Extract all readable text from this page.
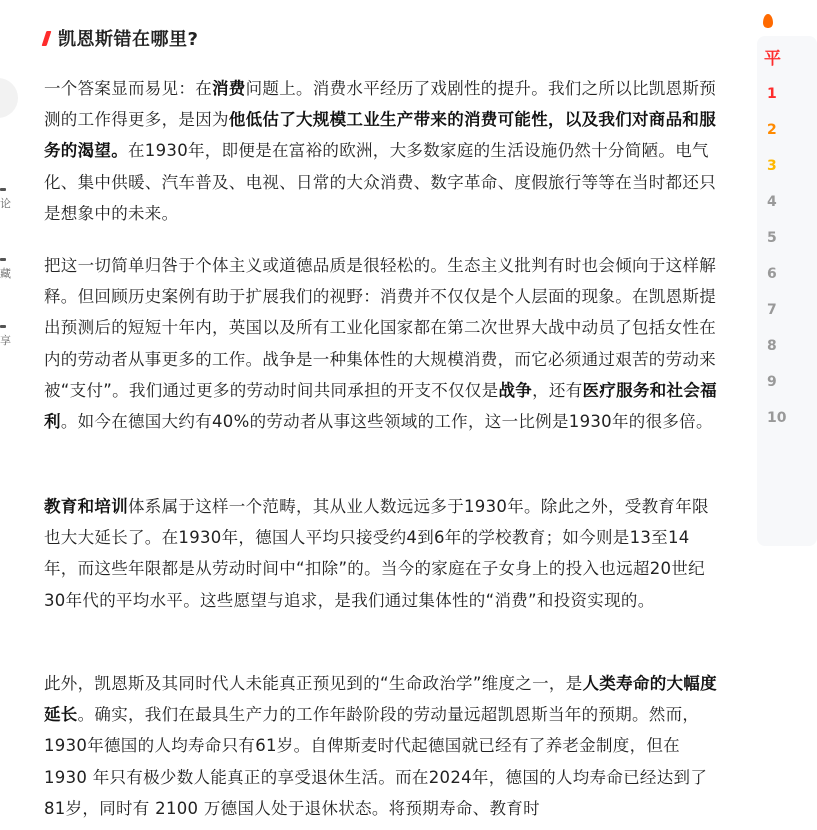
论
藏
享
凯恩斯错在哪里?

一个答案显而易见：在消费问题上。消费水平经历了戏剧性的提升。我们之所以比凯恩斯预测的工作得更多，是因为他低估了大规模工业生产带来的消费可能性，以及我们对商品和服务的渴望。在1930年，即便是在富裕的欧洲，大多数家庭的生活设施仍然十分简陋。电气化、集中供暖、汽车普及、电视、日常的大众消费、数字革命、度假旅行等等在当时都还只是想象中的未来。

把这一切简单归咎于个体主义或道德品质是很轻松的。生态主义批判有时也会倾向于这样解释。但回顾历史案例有助于扩展我们的视野：消费并不仅仅是个人层面的现象。在凯恩斯提出预测后的短短十年内，英国以及所有工业化国家都在第二次世界大战中动员了包括女性在内的劳动者从事更多的工作。战争是一种集体性的大规模消费，而它必须通过艰苦的劳动来被“支付”。我们通过更多的劳动时间共同承担的开支不仅仅是战争，还有医疗服务和社会福利。如今在德国大约有40%的劳动者从事这些领域的工作，这一比例是1930年的很多倍。

教育和培训体系属于这样一个范畴，其从业人数远远多于1930年。除此之外，受教育年限也大大延长了。在1930年，德国人平均只接受约4到6年的学校教育；如今则是13至14年，而这些年限都是从劳动时间中“扣除”的。当今的家庭在子女身上的投入也远超20世纪30年代的平均水平。这些愿望与追求，是我们通过集体性的“消费”和投资实现的。

此外，凯恩斯及其同时代人未能真正预见到的“生命政治学”维度之一，是人类寿命的大幅度延长。确实，我们在最具生产力的工作年龄阶段的劳动量远超凯恩斯当年的预期。然而，1930年德国的人均寿命只有61岁。自俾斯麦时代起德国就已经有了养老金制度，但在 1930 年只有极少数人能真正的享受退休生活。而在2024年，德国的人均寿命已经达到了81岁，同时有 2100 万德国人处于退休状态。将预期寿命、教育时

平
1
2
3
4
5
6
7
8
9
10
